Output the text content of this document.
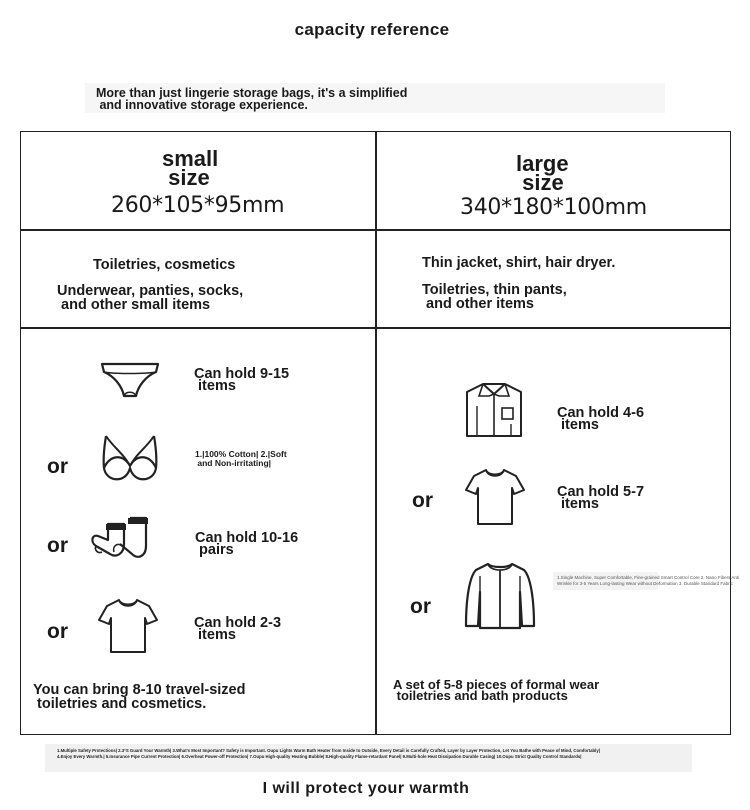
capacity reference
More than just lingerie storage bags, it's a simplified
and innovative storage experience.
small
size
260*105*95mm
large
size
340*180*100mm
Toiletries, cosmetics
Underwear, panties, socks,
and other small items
Thin jacket, shirt, hair dryer.
Toiletries, thin pants,
and other items
Can hold 9-15
items
or
1.|100% Cotton| 2.|Soft
and Non-irritating|
or	Can hold 10-16
pairs
or	Can hold 2-3
items
You can bring 8-10 travel-sized
toiletries and cosmetics.
Can hold 4-6
items
or	Can hold 5-7
items
or
1.Single Machine, Super Comfortable, Fine-grained Smart Control Core 2. Nano Fibers Anti
Wrinkle for 3-5 Years Long-lasting Wear without Deformation 3. Durable Standard Fabric
A set of 5-8 pieces of formal wear
toiletries and bath products
1.Multiple Safety Protections| 2.3°S Guard Your Warmth| 3.What's Most Important? Safety is Important. Oupu Lights Warm Bath Heater from Inside to Outside, Every Detail is Carefully Crafted, Layer by Layer Protection, Let You Bathe with Peace of Mind, Comfortably|
4.Enjoy Every Warmth.| 5.Insurance Pipe Current Protection| 6.Overheat Power-off Protection| 7.Oupu High-quality Heating Bubble| 8.High-quality Flame-retardant Panel| 9.Multi-hole Heat Dissipation Durable Casing| 10.Oupu Strict Quality Control Standards|
I will protect your warmth
